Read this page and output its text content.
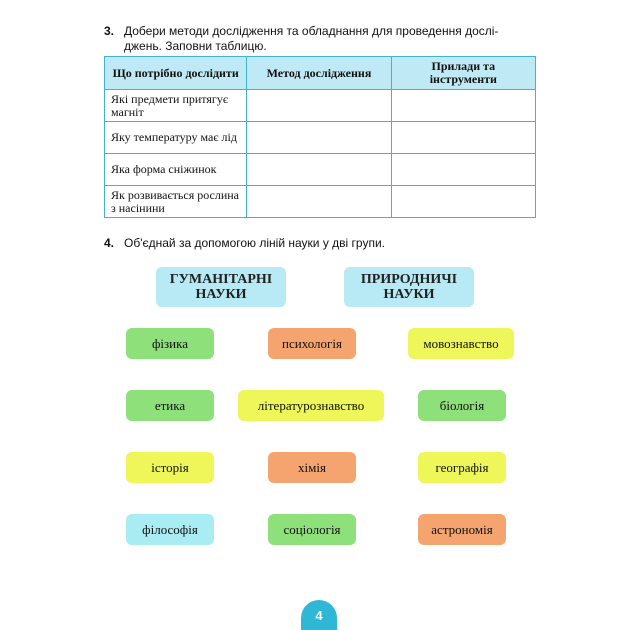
3. Добери методи дослідження та обладнання для проведення дослі-
джень. Заповни таблицю.
Що потрібно дослідити	Метод дослідження	Прилади та інструменти
Які предмети притягує магніт		
Яку температуру має лід		
Яка форма сніжинок		
Як розвивається рослина з насінини		
4. Об'єднай за допомогою ліній науки у дві групи.
ГУМАНІТАРНІ НАУКИ
ПРИРОДНИЧІ НАУКИ
фізика	психологія	мовознавство
етика	літературознавство	біологія
історія	хімія	географія
філософія	соціологія	астрономія
4
